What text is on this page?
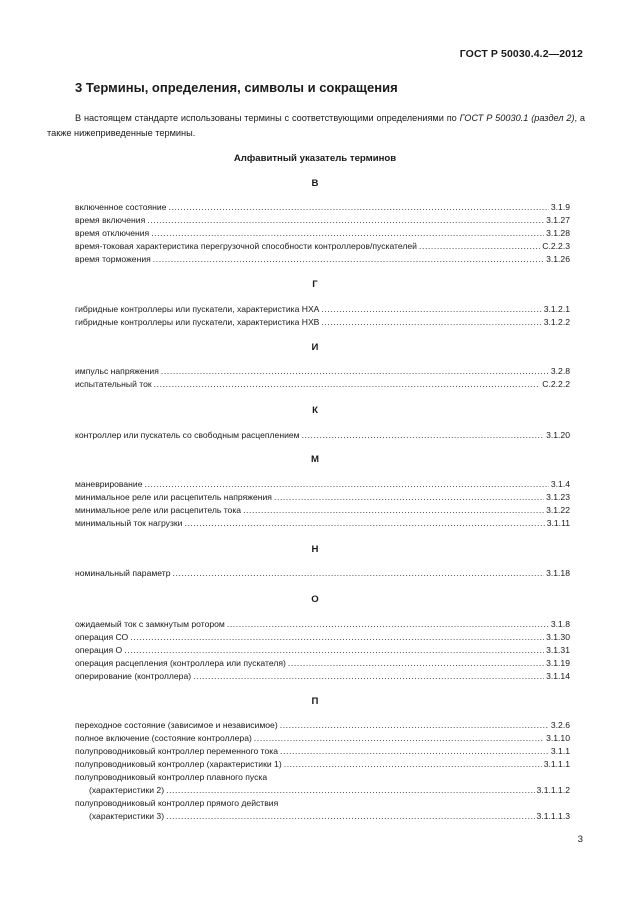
ГОСТ Р 50030.4.2—2012
3 Термины, определения, символы и сокращения
В настоящем стандарте использованы термины с соответствующими определениями по ГОСТ Р 50030.1 (раздел 2), а также нижеприведенные термины.
Алфавитный указатель терминов
В
включенное состояние .....	3.1.9
время включения .....	3.1.27
время отключения .....	3.1.28
время-токовая характеристика перегрузочной способности контроллеров/пускателей .....	C.2.2.3
время торможения .....	3.1.26
Г
гибридные контроллеры или пускатели, характеристика НХА .....	3.1.2.1
гибридные контроллеры или пускатели, характеристика НХВ .....	3.1.2.2
И
импульс напряжения .....	3.2.8
испытательный ток .....	C.2.2.2
К
контроллер или пускатель со свободным расцеплением .....	3.1.20
М
маневрирование .....	3.1.4
минимальное реле или расцепитель напряжения .....	3.1.23
минимальное реле или расцепитель тока .....	3.1.22
минимальный ток нагрузки .....	3.1.11
Н
номинальный параметр .....	3.1.18
О
ожидаемый ток с замкнутым ротором .....	3.1.8
операция СО .....	3.1.30
операция О .....	3.1.31
операция расцепления (контроллера или пускателя) .....	3.1.19
оперирование (контроллера) .....	3.1.14
П
переходное состояние (зависимое и независимое) .....	3.2.6
полное включение (состояние контроллера) .....	3.1.10
полупроводниковый контроллер переменного тока .....	3.1.1
полупроводниковый контроллер (характеристики 1) .....	3.1.1.1
полупроводниковый контроллер плавного пуска
(характеристики 2) .....	3.1.1.1.2
полупроводниковый контроллер прямого действия
(характеристики 3) .....	3.1.1.1.3
3
